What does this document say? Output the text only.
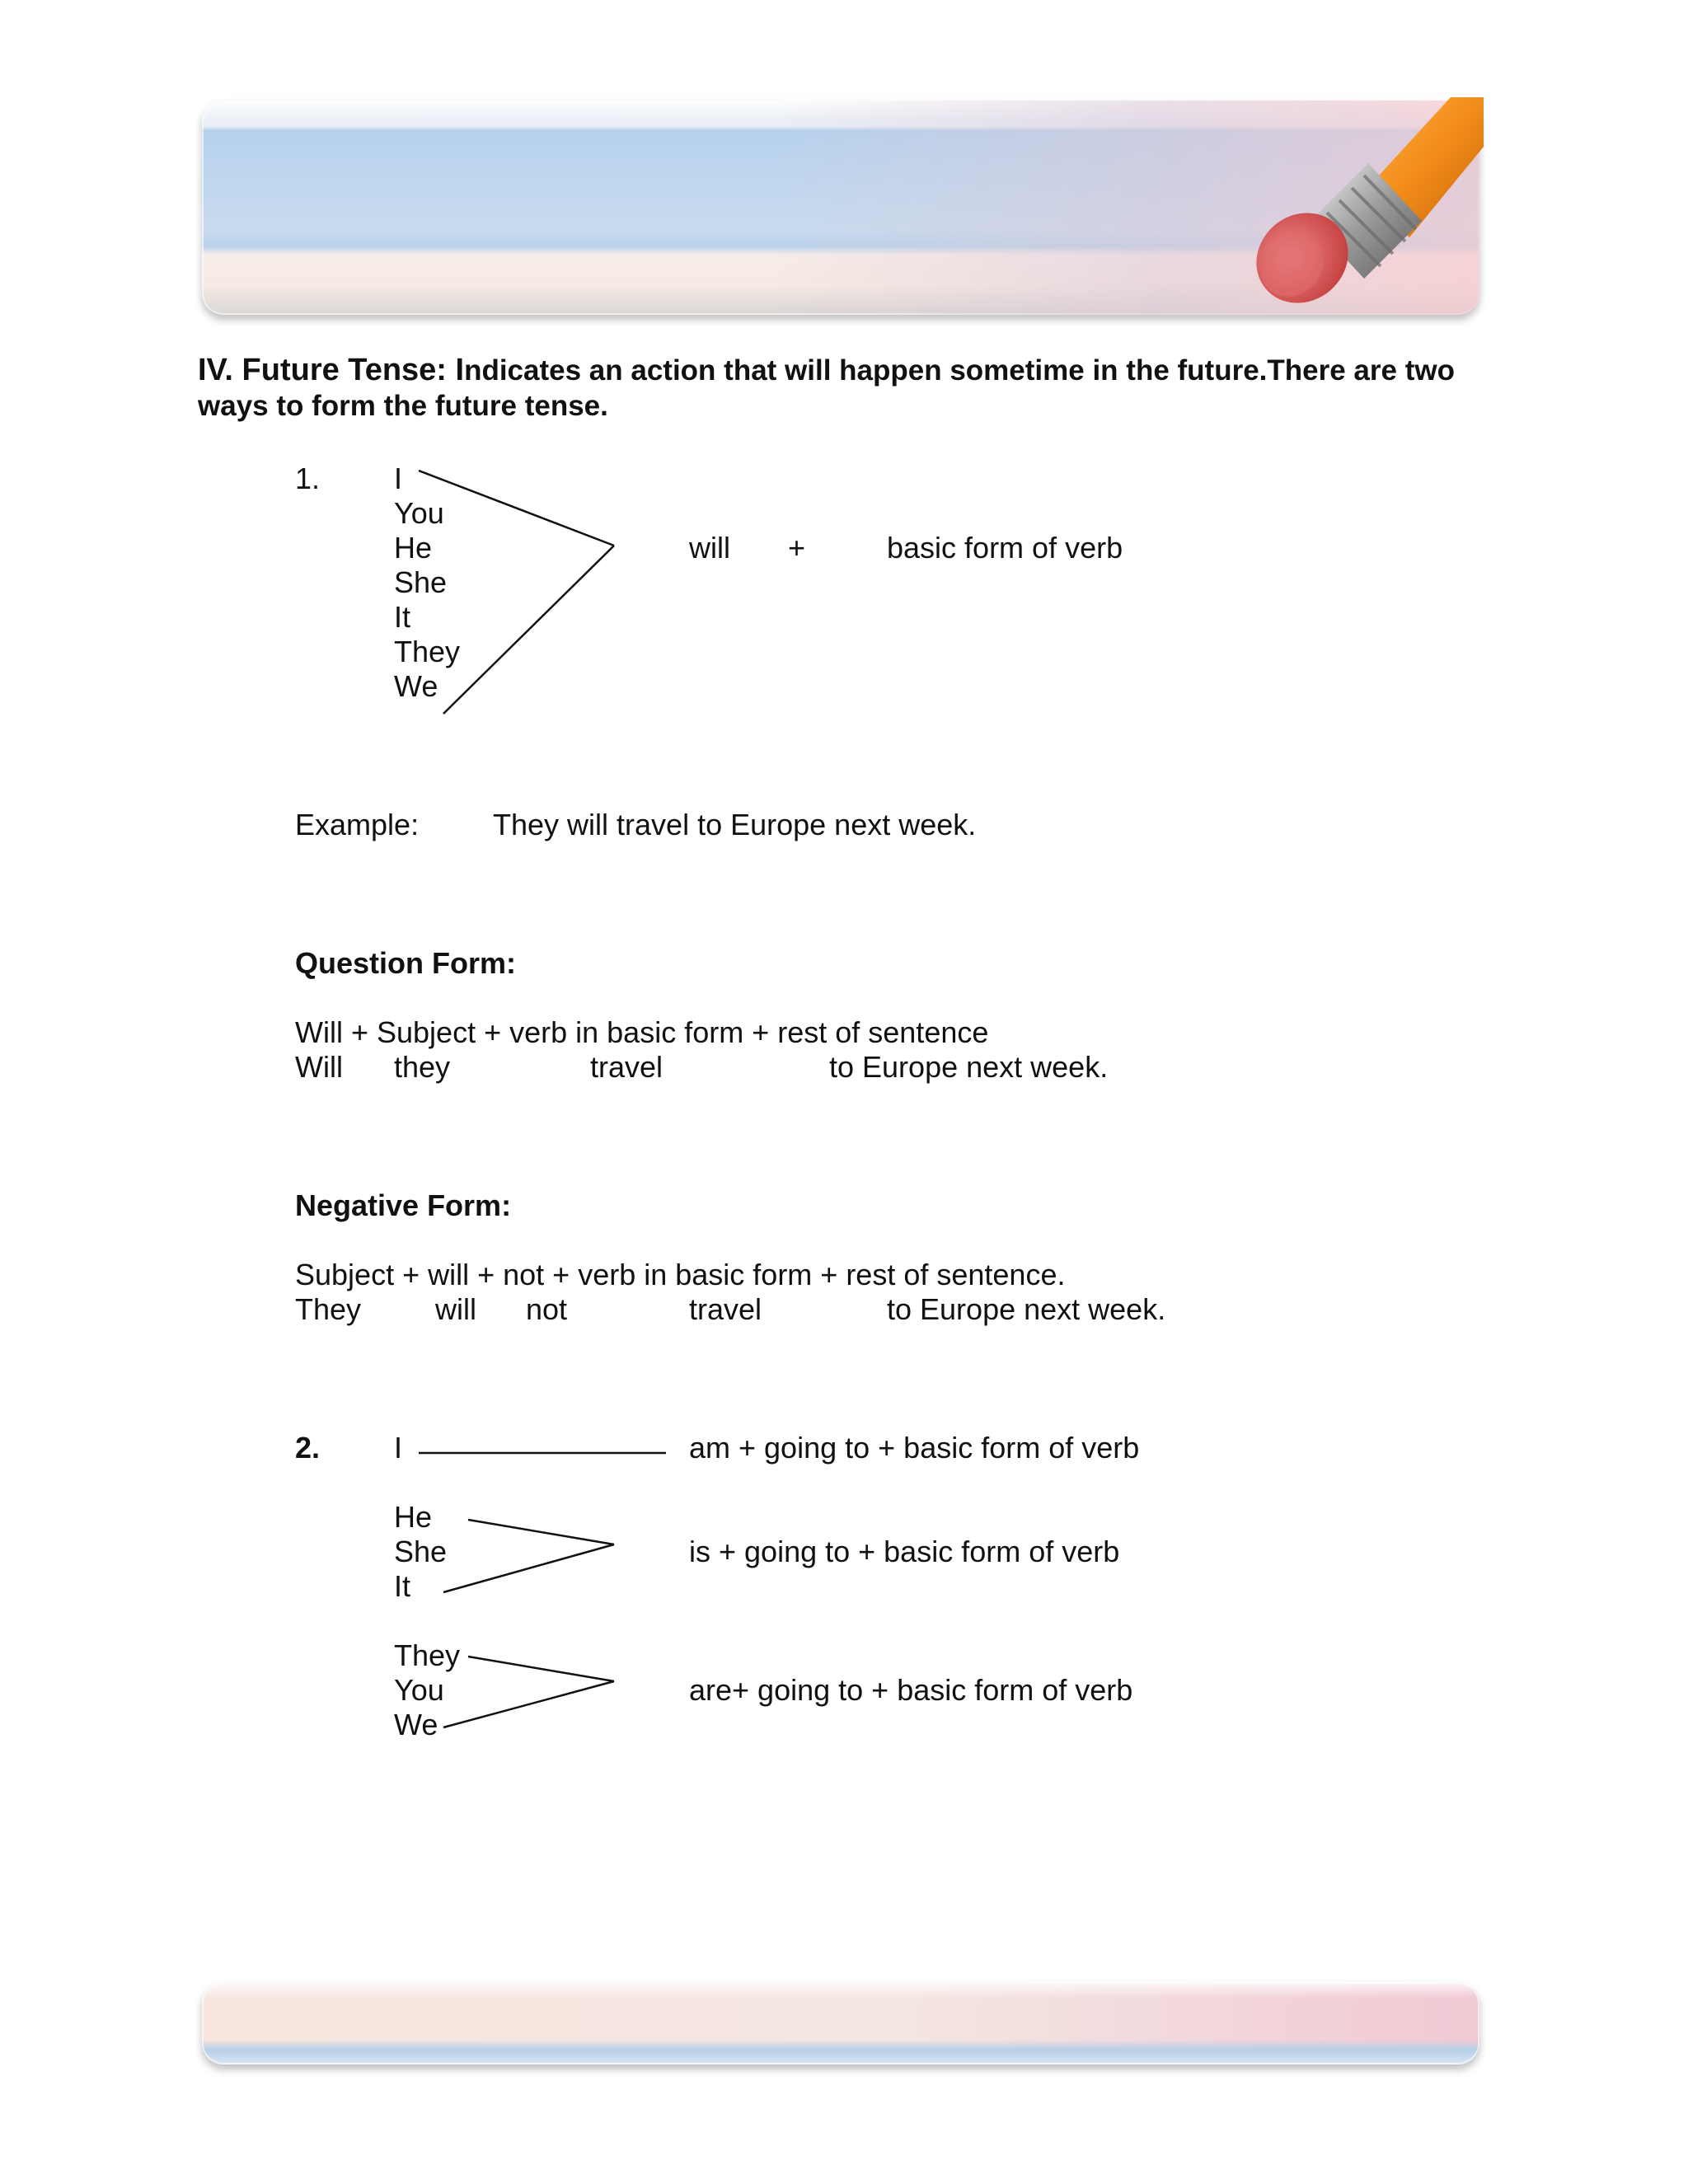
IV. Future Tense: Indicates an action that will happen sometime in the future.There are two ways to form the future tense.
1. I
You
He
She
It
They
We
will +	basic form of verb
Example: They will travel to Europe next week.
Question Form:
Will + Subject + verb in basic form + rest of sentence
Will they	travel	to Europe next week.
Negative Form:
Subject + will + not + verb in basic form + rest of sentence.
They will not	travel	to Europe next week.
2. I	am + going to + basic form of verb
He
She
It
is + going to + basic form of verb
They
You
We
are+ going to + basic form of verb
